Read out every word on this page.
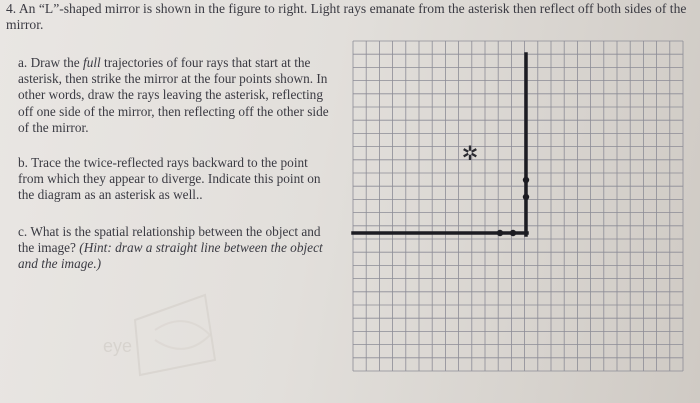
4. An “L”-shaped mirror is shown in the figure to right. Light rays emanate from the asterisk then reflect off both sides of the mirror.

a. Draw the full trajectories of four rays that start at the asterisk, then strike the mirror at the four points shown. In other words, draw the rays leaving the asterisk, reflecting off one side of the mirror, then reflecting off the other side of the mirror.

b. Trace the twice-reflected rays backward to the point from which they appear to diverge. Indicate this point on the diagram as an asterisk as well..

c. What is the spatial relationship between the object and the image? (Hint: draw a straight line between the object and the image.)

eye
✲
